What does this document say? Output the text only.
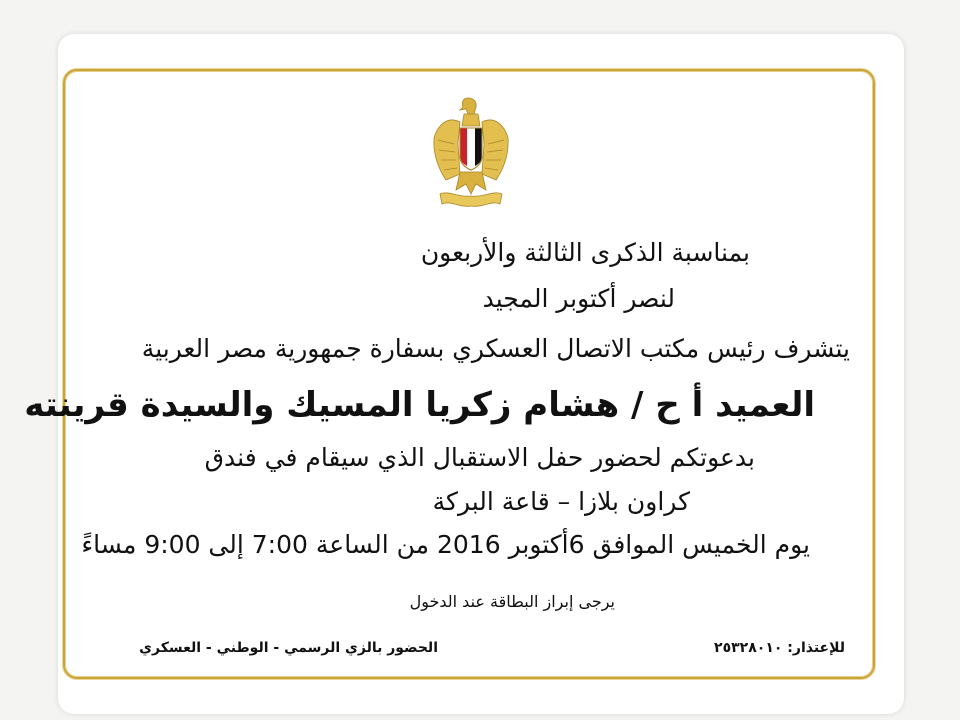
بمناسبة الذكرى الثالثة والأربعون
لنصر أكتوبر المجيد
يتشرف رئيس مكتب الاتصال العسكري بسفارة جمهورية مصر العربية
العميد أ ح / هشام زكريا المسيك والسيدة قرينته
بدعوتكم لحضور حفل الاستقبال الذي سيقام في فندق
كراون بلازا – قاعة البركة
يوم الخميس الموافق 6أكتوبر 2016 من الساعة 7:00 إلى 9:00 مساءً
يرجى إبراز البطاقة عند الدخول
الحضور بالزي الرسمي - الوطني - العسكري	للإعتذار: ٢٥٣٢٨٠١٠
